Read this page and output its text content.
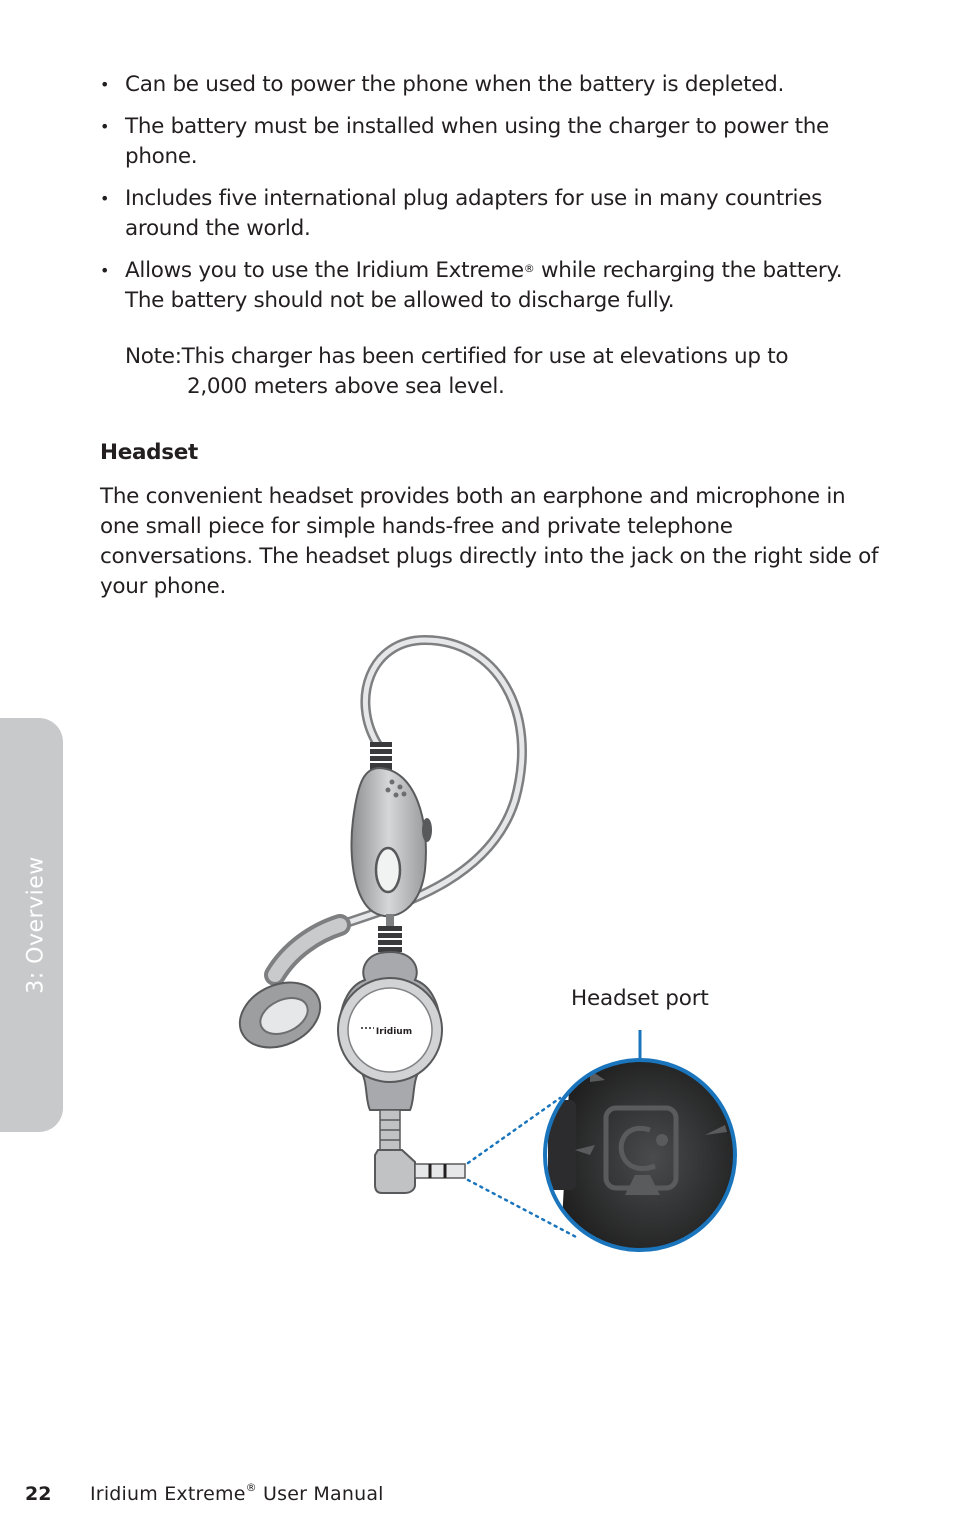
• Can be used to power the phone when the battery is depleted.
• The battery must be installed when using the charger to power the phone.
• Includes five international plug adapters for use in many countries around the world.
• Allows you to use the Iridium Extreme® while recharging the battery. The battery should not be allowed to discharge fully.
Note:This charger has been certified for use at elevations up to
2,000 meters above sea level.
Headset
The convenient headset provides both an earphone and microphone in one small piece for simple hands-free and private telephone conversations. The headset plugs directly into the jack on the right side of your phone.
3: Overview
Iridium
Headset port
22 Iridium Extreme® User Manual
